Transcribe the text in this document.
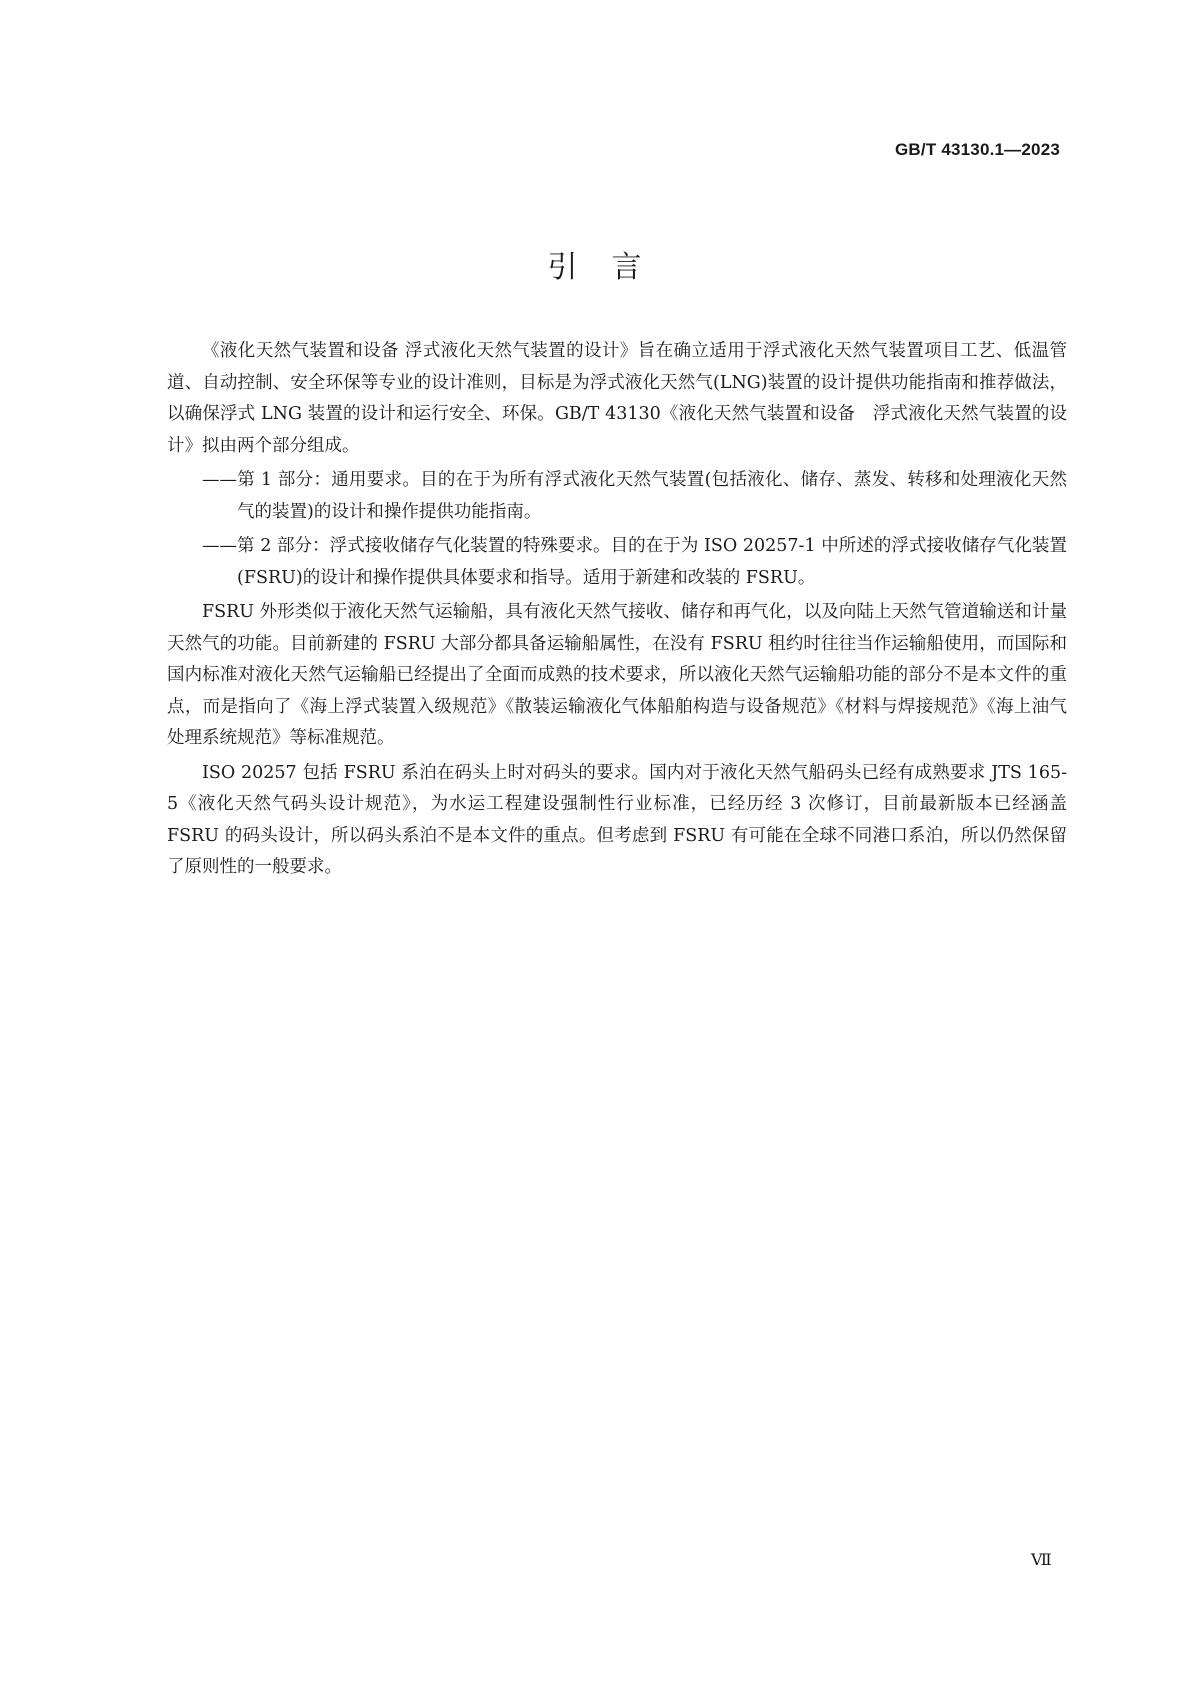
GB/T 43130.1—2023
引　言

《液化天然气装置和设备 浮式液化天然气装置的设计》旨在确立适用于浮式液化天然气装置项目工艺、低温管道、自动控制、安全环保等专业的设计准则，目标是为浮式液化天然气(LNG)装置的设计提供功能指南和推荐做法，以确保浮式 LNG 装置的设计和运行安全、环保。GB/T 43130《液化天然气装置和设备　浮式液化天然气装置的设计》拟由两个部分组成。

——第 1 部分：通用要求。目的在于为所有浮式液化天然气装置(包括液化、储存、蒸发、转移和处理液化天然气的装置)的设计和操作提供功能指南。

——第 2 部分：浮式接收储存气化装置的特殊要求。目的在于为 ISO 20257-1 中所述的浮式接收储存气化装置(FSRU)的设计和操作提供具体要求和指导。适用于新建和改装的 FSRU。

FSRU 外形类似于液化天然气运输船，具有液化天然气接收、储存和再气化，以及向陆上天然气管道输送和计量天然气的功能。目前新建的 FSRU 大部分都具备运输船属性，在没有 FSRU 租约时往往当作运输船使用，而国际和国内标准对液化天然气运输船已经提出了全面而成熟的技术要求，所以液化天然气运输船功能的部分不是本文件的重点，而是指向了《海上浮式装置入级规范》《散装运输液化气体船舶构造与设备规范》《材料与焊接规范》《海上油气处理系统规范》等标准规范。

ISO 20257 包括 FSRU 系泊在码头上时对码头的要求。国内对于液化天然气船码头已经有成熟要求 JTS 165-5《液化天然气码头设计规范》，为水运工程建设强制性行业标准，已经历经 3 次修订，目前最新版本已经涵盖 FSRU 的码头设计，所以码头系泊不是本文件的重点。但考虑到 FSRU 有可能在全球不同港口系泊，所以仍然保留了原则性的一般要求。

Ⅶ
